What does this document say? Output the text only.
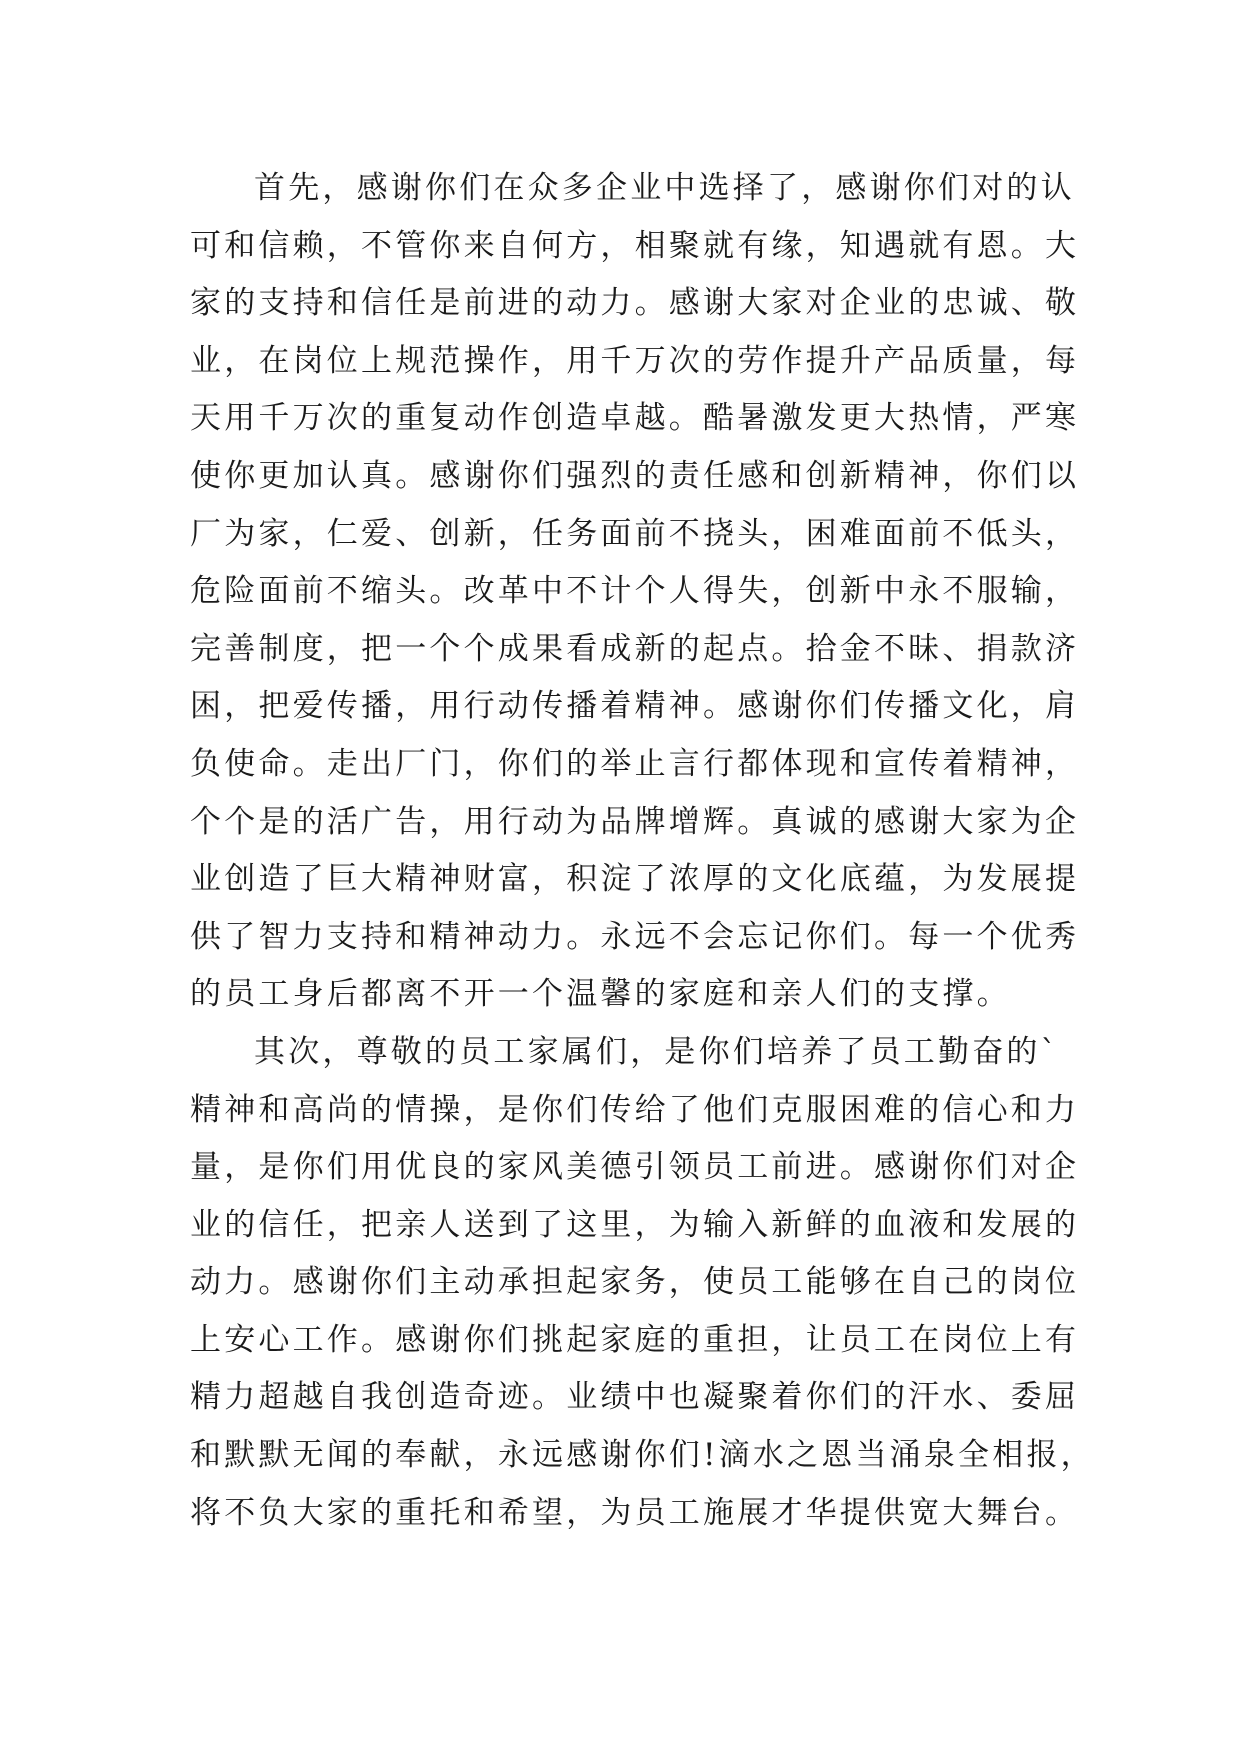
首先，感谢你们在众多企业中选择了，感谢你们对的认
可和信赖，不管你来自何方，相聚就有缘，知遇就有恩。大
家的支持和信任是前进的动力。感谢大家对企业的忠诚、敬
业，在岗位上规范操作，用千万次的劳作提升产品质量，每
天用千万次的重复动作创造卓越。酷暑激发更大热情，严寒
使你更加认真。感谢你们强烈的责任感和创新精神，你们以
厂为家，仁爱、创新，任务面前不挠头，困难面前不低头，
危险面前不缩头。改革中不计个人得失，创新中永不服输，
完善制度，把一个个成果看成新的起点。拾金不昧、捐款济
困，把爱传播，用行动传播着精神。感谢你们传播文化，肩
负使命。走出厂门，你们的举止言行都体现和宣传着精神，
个个是的活广告，用行动为品牌增辉。真诚的感谢大家为企
业创造了巨大精神财富，积淀了浓厚的文化底蕴，为发展提
供了智力支持和精神动力。永远不会忘记你们。每一个优秀
的员工身后都离不开一个温馨的家庭和亲人们的支撑。

其次，尊敬的员工家属们，是你们培养了员工勤奋的`
精神和高尚的情操，是你们传给了他们克服困难的信心和力
量，是你们用优良的家风美德引领员工前进。感谢你们对企
业的信任，把亲人送到了这里，为输入新鲜的血液和发展的
动力。感谢你们主动承担起家务，使员工能够在自己的岗位
上安心工作。感谢你们挑起家庭的重担，让员工在岗位上有
精力超越自我创造奇迹。业绩中也凝聚着你们的汗水、委屈
和默默无闻的奉献，永远感谢你们!滴水之恩当涌泉全相报，
将不负大家的重托和希望，为员工施展才华提供宽大舞台。
